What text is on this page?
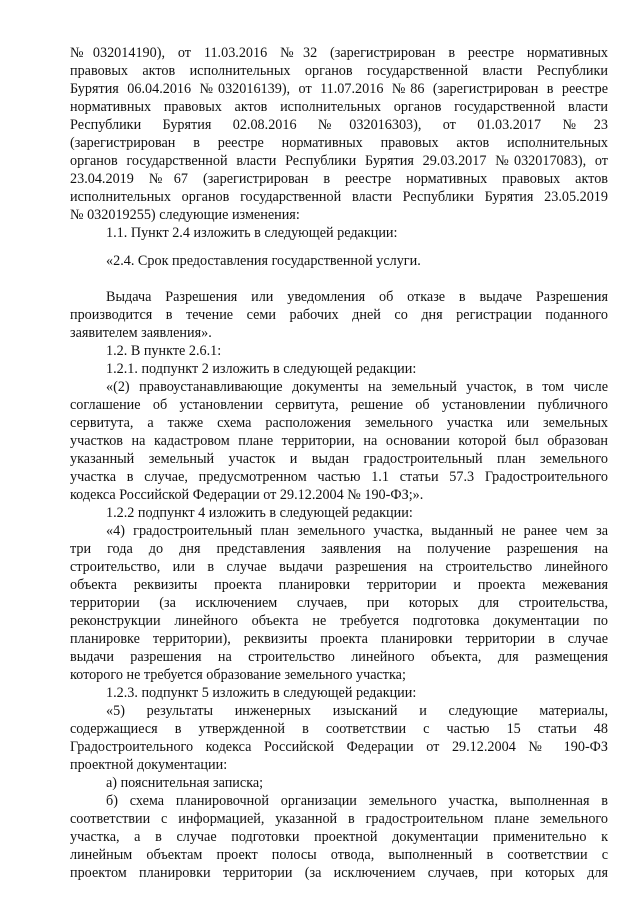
№032014190), от 11.03.2016 №32 (зарегистрирован в реестре нормативных
правовых актов исполнительных органов государственной власти Республики
Бурятия 06.04.2016 №032016139), от 11.07.2016 №86 (зарегистрирован в реестре
нормативных правовых актов исполнительных органов государственной власти
Республики Бурятия 02.08.2016 №032016303), от 01.03.2017 №23
(зарегистрирован в реестре нормативных правовых актов исполнительных
органов государственной власти Республики Бурятия 29.03.2017 №032017083), от
23.04.2019 №67 (зарегистрирован в реестре нормативных правовых актов
исполнительных органов государственной власти Республики Бурятия 23.05.2019
№ 032019255) следующие изменения:
1.1. Пункт 2.4 изложить в следующей редакции:
«2.4. Срок предоставления государственной услуги.
Выдача Разрешения или уведомления об отказе в выдаче Разрешения
производится в течение семи рабочих дней со дня регистрации поданного
заявителем заявления».
1.2. В пункте 2.6.1:
1.2.1. подпункт 2 изложить в следующей редакции:
«(2) правоустанавливающие документы на земельный участок, в том числе
соглашение об установлении сервитута, решение об установлении публичного
сервитута, а также схема расположения земельного участка или земельных
участков на кадастровом плане территории, на основании которой был образован
указанный земельный участок и выдан градостроительный план земельного
участка в случае, предусмотренном частью 1.1 статьи 57.3 Градостроительного
кодекса Российской Федерации от 29.12.2004 № 190-ФЗ;».
1.2.2 подпункт 4 изложить в следующей редакции:
«4) градостроительный план земельного участка, выданный не ранее чем за
три года до дня представления заявления на получение разрешения на
строительство, или в случае выдачи разрешения на строительство линейного
объекта реквизиты проекта планировки территории и проекта межевания
территории (за исключением случаев, при которых для строительства,
реконструкции линейного объекта не требуется подготовка документации по
планировке территории), реквизиты проекта планировки территории в случае
выдачи разрешения на строительство линейного объекта, для размещения
которого не требуется образование земельного участка;
1.2.3. подпункт 5 изложить в следующей редакции:
«5) результаты инженерных изысканий и следующие материалы,
содержащиеся в утвержденной в соответствии с частью 15 статьи 48
Градостроительного кодекса Российской Федерации от 29.12.2004 № 190-ФЗ
проектной документации:
а) пояснительная записка;
б) схема планировочной организации земельного участка, выполненная в
соответствии с информацией, указанной в градостроительном плане земельного
участка, а в случае подготовки проектной документации применительно к
линейным объектам проект полосы отвода, выполненный в соответствии с
проектом планировки территории (за исключением случаев, при которых для
